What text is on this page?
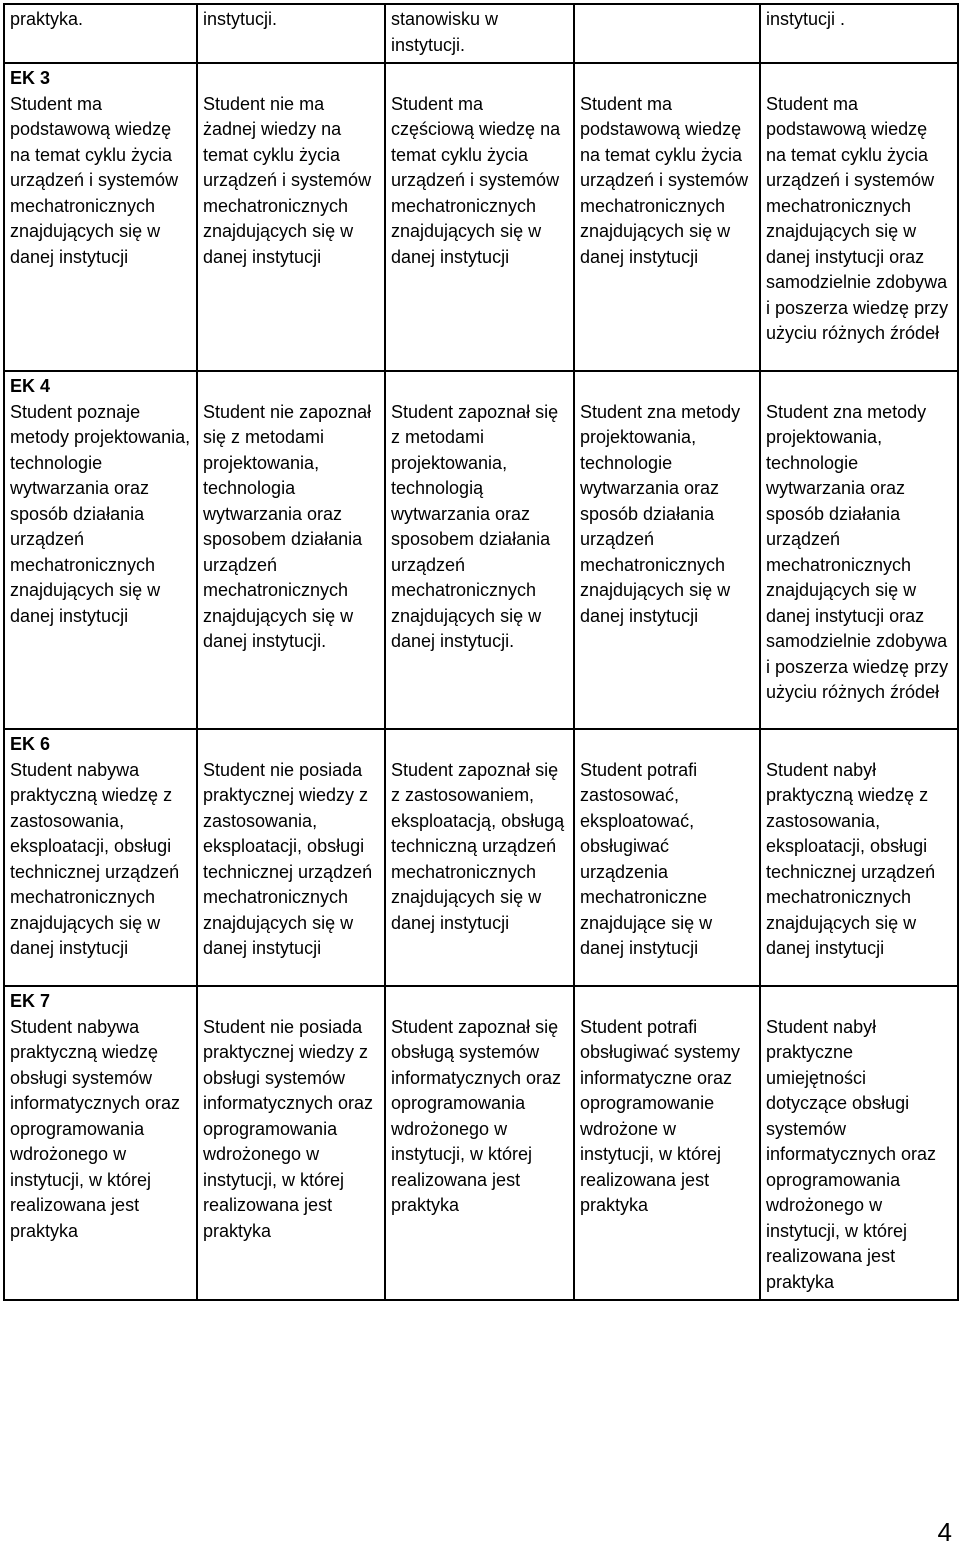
praktyka.	instytucji.	stanowisku w instytucji.		instytucji .

EK 3
Student ma podstawową wiedzę na temat cyklu życia urządzeń i systemów mechatronicznych znajdujących się w danej instytucji	Student nie ma żadnej wiedzy na temat cyklu życia urządzeń i systemów mechatronicznych znajdujących się w danej instytucji	Student ma częściową wiedzę na temat cyklu życia urządzeń i systemów mechatronicznych znajdujących się w danej instytucji	Student ma podstawową wiedzę na temat cyklu życia urządzeń i systemów mechatronicznych znajdujących się w danej instytucji	Student ma podstawową wiedzę na temat cyklu życia urządzeń i systemów mechatronicznych znajdujących się w danej instytucji oraz samodzielnie zdobywa i poszerza wiedzę przy użyciu różnych źródeł

EK 4
Student poznaje metody projektowania, technologie wytwarzania oraz sposób działania urządzeń mechatronicznych znajdujących się w danej instytucji	Student nie zapoznał się z metodami projektowania, technologia wytwarzania oraz sposobem działania urządzeń mechatronicznych znajdujących się w danej instytucji.	Student zapoznał się z metodami projektowania, technologią wytwarzania oraz sposobem działania urządzeń mechatronicznych znajdujących się w danej instytucji.	Student zna metody projektowania, technologie wytwarzania oraz sposób działania urządzeń mechatronicznych znajdujących się w danej instytucji	Student zna metody projektowania, technologie wytwarzania oraz sposób działania urządzeń mechatronicznych znajdujących się w danej instytucji oraz samodzielnie zdobywa i poszerza wiedzę przy użyciu różnych źródeł

EK 6
Student nabywa praktyczną wiedzę z zastosowania, eksploatacji, obsługi technicznej urządzeń mechatronicznych znajdujących się w danej instytucji	Student nie posiada praktycznej wiedzy z zastosowania, eksploatacji, obsługi technicznej urządzeń mechatronicznych znajdujących się w danej instytucji	Student zapoznał się z zastosowaniem, eksploatacją, obsługą techniczną urządzeń mechatronicznych znajdujących się w danej instytucji	Student potrafi zastosować, eksploatować, obsługiwać urządzenia mechatroniczne znajdujące się w danej instytucji	Student nabył praktyczną wiedzę z zastosowania, eksploatacji, obsługi technicznej urządzeń mechatronicznych znajdujących się w danej instytucji

EK 7
Student nabywa praktyczną wiedzę obsługi systemów informatycznych oraz oprogramowania wdrożonego w instytucji, w której realizowana jest praktyka	Student nie posiada praktycznej wiedzy z obsługi systemów informatycznych oraz oprogramowania wdrożonego w instytucji, w której realizowana jest praktyka	Student zapoznał się obsługą systemów informatycznych oraz oprogramowania wdrożonego w instytucji, w której realizowana jest praktyka	Student potrafi obsługiwać systemy informatyczne oraz oprogramowanie wdrożone w instytucji, w której realizowana jest praktyka	Student nabył praktyczne umiejętności dotyczące obsługi systemów informatycznych oraz oprogramowania wdrożonego w instytucji, w której realizowana jest praktyka
4
